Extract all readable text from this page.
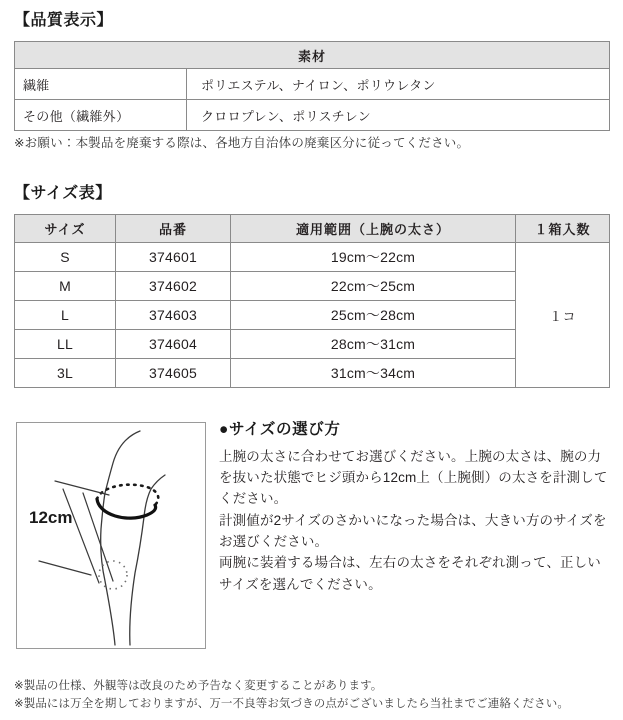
【品質表示】
素材	
繊維	ポリエステル、ナイロン、ポリウレタン
その他（繊維外）	クロロプレン、ポリスチレン
※お願い：本製品を廃棄する際は、各地方自治体の廃棄区分に従ってください。
【サイズ表】
サイズ	品番	適用範囲（上腕の太さ）	１箱入数
S	374601	19cm〜22cm	１コ
M	374602	22cm〜25cm	
L	374603	25cm〜28cm	
LL	374604	28cm〜31cm	
3L	374605	31cm〜34cm	
12cm
●サイズの選び方

上腕の太さに合わせてお選びください。上腕の太さは、腕の力を抜いた状態でヒジ頭から12cm上（上腕側）の太さを計測してください。

計測値が2サイズのさかいになった場合は、大きい方のサイズをお選びください。

両腕に装着する場合は、左右の太さをそれぞれ測って、正しいサイズを選んでください。

※製品の仕様、外観等は改良のため予告なく変更することがあります。
※製品には万全を期しておりますが、万一不良等お気づきの点がございましたら当社までご連絡ください。
